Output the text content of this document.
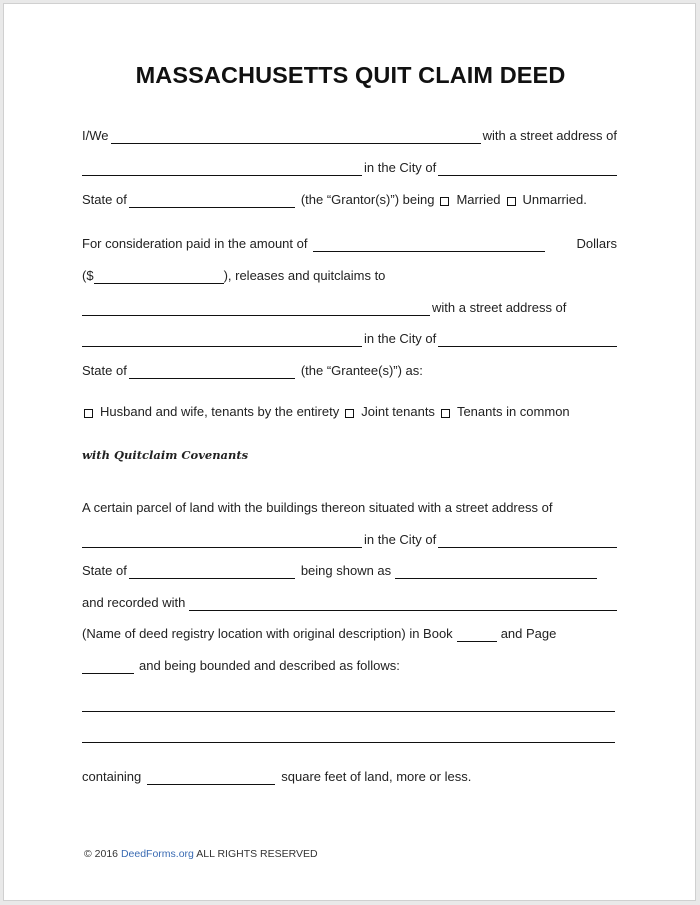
MASSACHUSETTS QUIT CLAIM DEED
I/We	with a street address of
in the City of
State of	(the “Grantor(s)”) being Married Unmarried.
For consideration paid in the amount of	Dollars
($	), releases and quitclaims to
with a street address of
in the City of
State of	(the “Grantee(s)”) as:
Husband and wife, tenants by the entirety Joint tenants Tenants in common
with Quitclaim Covenants
A certain parcel of land with the buildings thereon situated with a street address of
in the City of
State of	being shown as
and recorded with
(Name of deed registry location with original description) in Book	and Page
and being bounded and described as follows:
containing	square feet of land, more or less.
© 2016 DeedForms.org ALL RIGHTS RESERVED
